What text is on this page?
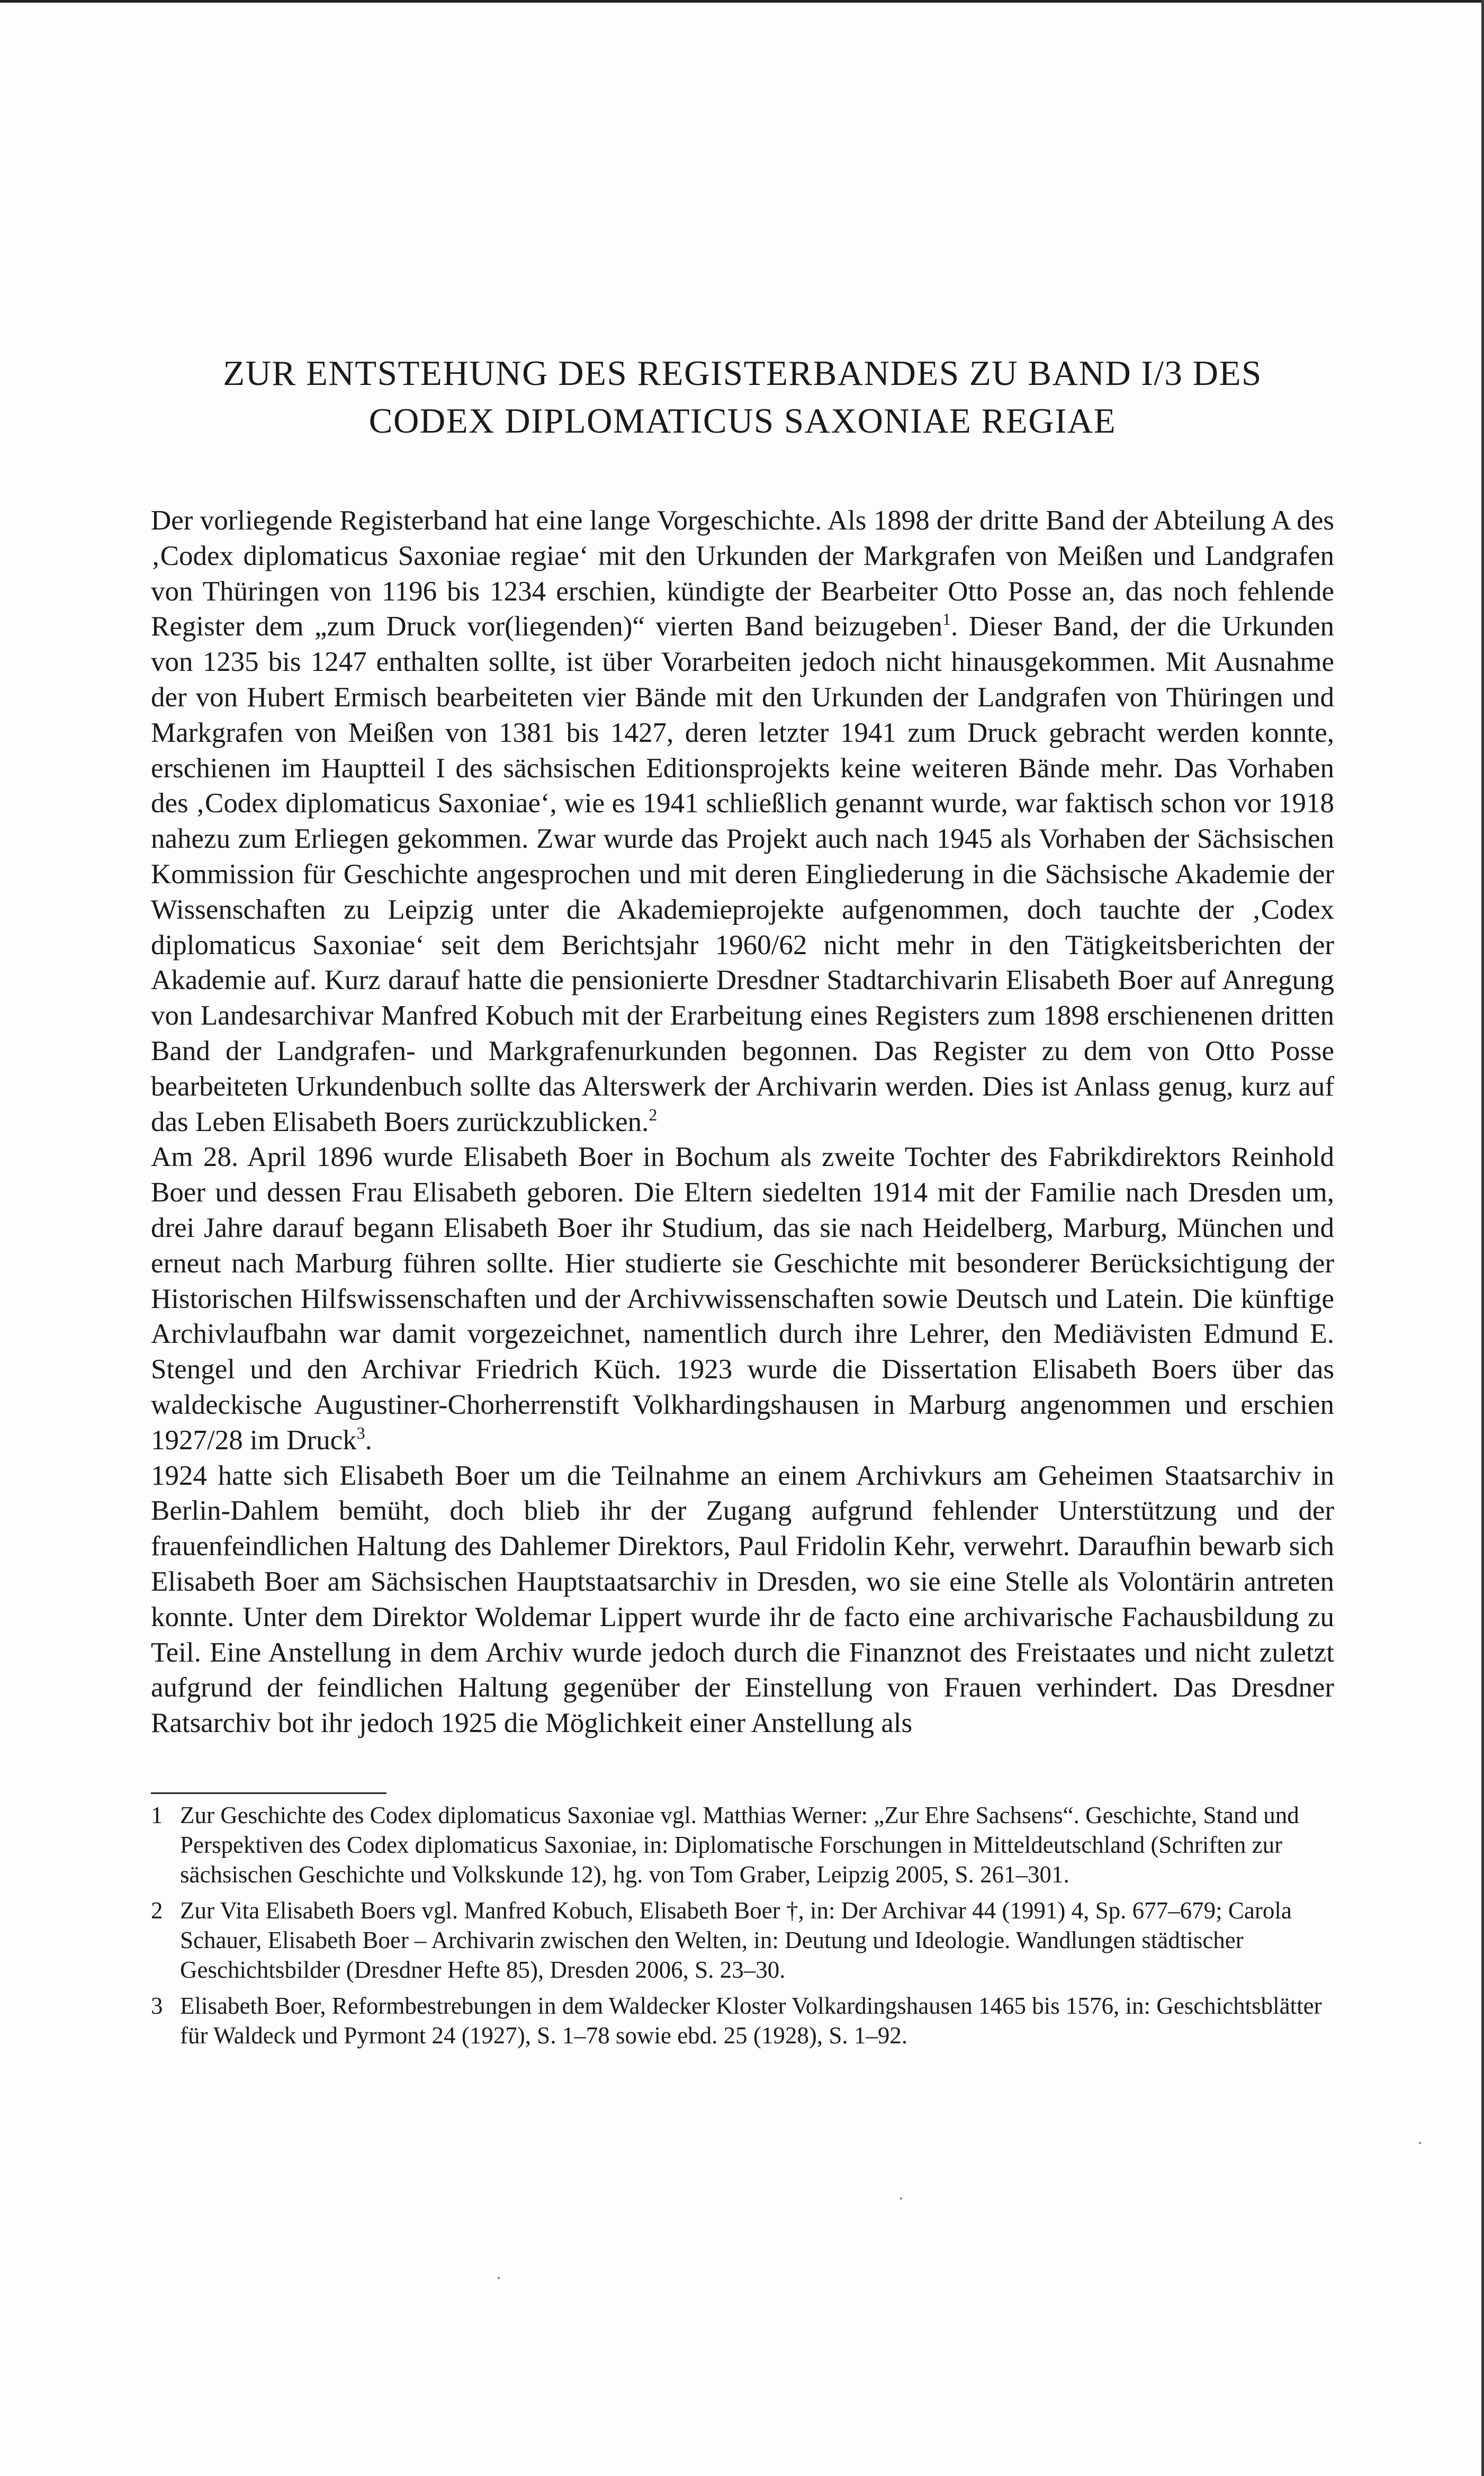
ZUR ENTSTEHUNG DES REGISTERBANDES ZU BAND I/3 DES
CODEX DIPLOMATICUS SAXONIAE REGIAE

Der vorliegende Registerband hat eine lange Vorgeschichte. Als 1898 der dritte Band der Abteilung A des ‚Codex diplomaticus Saxoniae regiae‘ mit den Urkunden der Markgrafen von Meißen und Landgrafen von Thüringen von 1196 bis 1234 erschien, kündigte der Bearbeiter Otto Posse an, das noch fehlende Register dem „zum Druck vor(liegenden)“ vierten Band beizugeben$^1$. Dieser Band, der die Urkunden von 1235 bis 1247 enthalten sollte, ist über Vorarbeiten jedoch nicht hinausgekommen. Mit Ausnahme der von Hubert Ermisch bearbeiteten vier Bände mit den Urkunden der Landgrafen von Thüringen und Markgrafen von Meißen von 1381 bis 1427, deren letzter 1941 zum Druck gebracht werden konnte, erschienen im Hauptteil I des sächsischen Editionsprojekts keine weiteren Bände mehr. Das Vorhaben des ‚Codex diplomaticus Saxoniae‘, wie es 1941 schließlich genannt wurde, war faktisch schon vor 1918 nahezu zum Erliegen gekommen. Zwar wurde das Projekt auch nach 1945 als Vorhaben der Sächsischen Kommission für Geschichte angesprochen und mit deren Eingliederung in die Sächsische Akademie der Wissenschaften zu Leipzig unter die Akademieprojekte aufgenommen, doch tauchte der ‚Codex diplomaticus Saxoniae‘ seit dem Berichtsjahr 1960/62 nicht mehr in den Tätigkeitsberichten der Akademie auf. Kurz darauf hatte die pensionierte Dresdner Stadtarchivarin Elisabeth Boer auf Anregung von Landesarchivar Manfred Kobuch mit der Erarbeitung eines Registers zum 1898 erschienenen dritten Band der Landgrafen- und Markgrafenurkunden begonnen. Das Register zu dem von Otto Posse bearbeiteten Urkundenbuch sollte das Alterswerk der Archivarin werden. Dies ist Anlass genug, kurz auf das Leben Elisabeth Boers zurückzublicken.$^2$

Am 28. April 1896 wurde Elisabeth Boer in Bochum als zweite Tochter des Fabrikdirektors Reinhold Boer und dessen Frau Elisabeth geboren. Die Eltern siedelten 1914 mit der Familie nach Dresden um, drei Jahre darauf begann Elisabeth Boer ihr Studium, das sie nach Heidelberg, Marburg, München und erneut nach Marburg führen sollte. Hier studierte sie Geschichte mit besonderer Berücksichtigung der Historischen Hilfswissenschaften und der Archivwissenschaften sowie Deutsch und Latein. Die künftige Archivlaufbahn war damit vorgezeichnet, namentlich durch ihre Lehrer, den Mediävisten Edmund E. Stengel und den Archivar Friedrich Küch. 1923 wurde die Dissertation Elisabeth Boers über das waldeckische Augustiner-Chorherrenstift Volkhardingshausen in Marburg angenommen und erschien 1927/28 im Druck$^3$.

1924 hatte sich Elisabeth Boer um die Teilnahme an einem Archivkurs am Geheimen Staatsarchiv in Berlin-Dahlem bemüht, doch blieb ihr der Zugang aufgrund fehlender Unterstützung und der frauenfeindlichen Haltung des Dahlemer Direktors, Paul Fridolin Kehr, verwehrt. Daraufhin bewarb sich Elisabeth Boer am Sächsischen Hauptstaatsarchiv in Dresden, wo sie eine Stelle als Volontärin antreten konnte. Unter dem Direktor Woldemar Lippert wurde ihr de facto eine archivarische Fachausbildung zu Teil. Eine Anstellung in dem Archiv wurde jedoch durch die Finanznot des Freistaates und nicht zuletzt aufgrund der feindlichen Haltung gegenüber der Einstellung von Frauen verhindert. Das Dresdner Ratsarchiv bot ihr jedoch 1925 die Möglichkeit einer Anstellung als

1 Zur Geschichte des Codex diplomaticus Saxoniae vgl. Matthias Werner: „Zur Ehre Sachsens“. Geschichte, Stand und Perspektiven des Codex diplomaticus Saxoniae, in: Diplomatische Forschungen in Mitteldeutschland (Schriften zur sächsischen Geschichte und Volkskunde 12), hg. von Tom Graber, Leipzig 2005, S. 261–301.
2 Zur Vita Elisabeth Boers vgl. Manfred Kobuch, Elisabeth Boer †, in: Der Archivar 44 (1991) 4, Sp. 677–679; Carola Schauer, Elisabeth Boer – Archivarin zwischen den Welten, in: Deutung und Ideologie. Wandlungen städtischer Geschichtsbilder (Dresdner Hefte 85), Dresden 2006, S. 23–30.
3 Elisabeth Boer, Reformbestrebungen in dem Waldecker Kloster Volkardingshausen 1465 bis 1576, in: Geschichtsblätter für Waldeck und Pyrmont 24 (1927), S. 1–78 sowie ebd. 25 (1928), S. 1–92.
